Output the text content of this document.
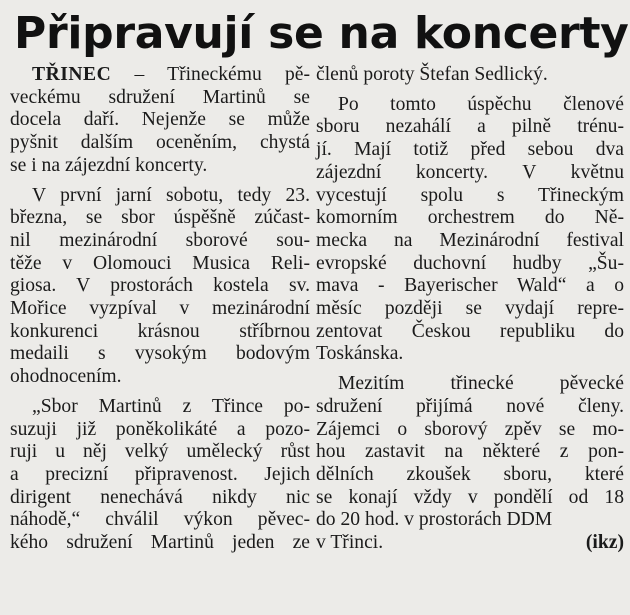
Připravují se na koncerty
TŘINEC – Třineckému pě-
veckému sdružení Martinů se
docela daří. Nejenže se může
pyšnit dalším oceněním, chystá
se i na zájezdní koncerty.
V první jarní sobotu, tedy 23.
března, se sbor úspěšně zúčast-
nil mezinárodní sborové sou-
těže v Olomouci Musica Reli-
giosa. V prostorách kostela sv.
Mořice vyzpíval v mezinárodní
konkurenci krásnou stříbrnou
medaili s vysokým bodovým
ohodnocením.
„Sbor Martinů z Třince po-
suzuji již poněkolikáté a pozo-
ruji u něj velký umělecký růst
a precizní připravenost. Jejich
dirigent nenechává nikdy nic
náhodě,“ chválil výkon pěvec-
kého sdružení Martinů jeden ze
členů poroty Štefan Sedlický.
Po tomto úspěchu členové
sboru nezahálí a pilně trénu-
jí. Mají totiž před sebou dva
zájezdní koncerty. V květnu
vycestují spolu s Třineckým
komorním orchestrem do Ně-
mecka na Mezinárodní festival
evropské duchovní hudby „Šu-
mava - Bayerischer Wald“ a o
měsíc později se vydají repre-
zentovat Českou republiku do
Toskánska.
Mezitím třinecké pěvecké
sdružení přijímá nové členy.
Zájemci o sborový zpěv se mo-
hou zastavit na některé z pon-
dělních zkoušek sboru, které
se konají vždy v pondělí od 18
do 20 hod. v prostorách DDM
v Třinci.	(ikz)
